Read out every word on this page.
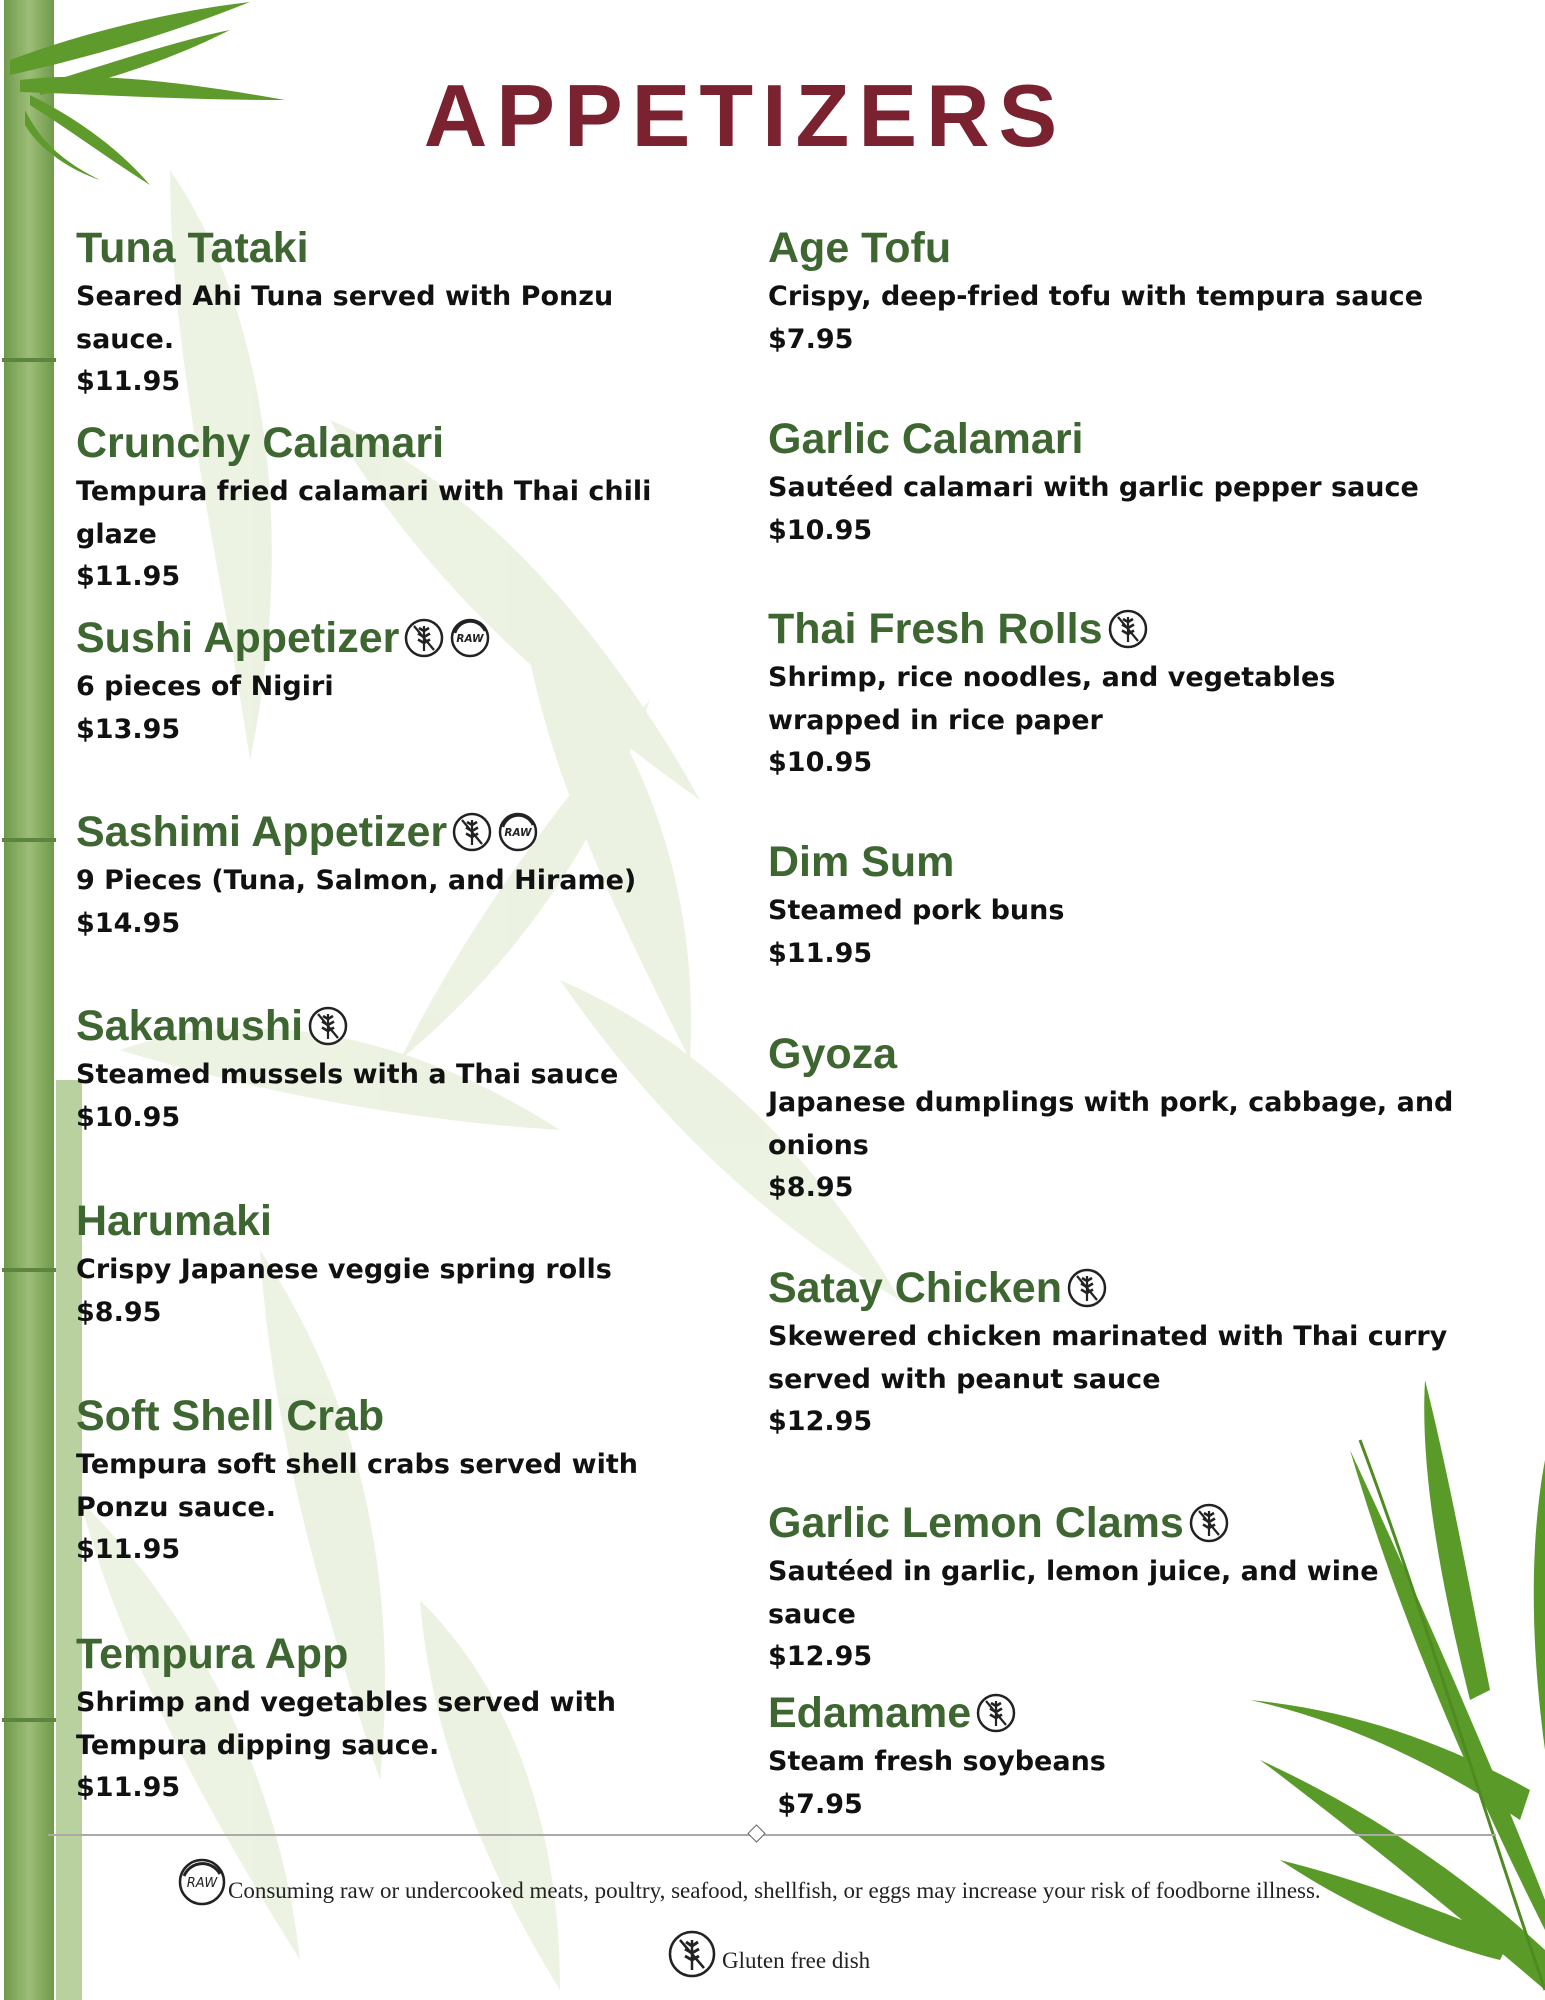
APPETIZERS
Tuna Tataki
Seared Ahi Tuna served with Ponzu sauce.
$11.95
Crunchy Calamari
Tempura fried calamari with Thai chili glaze
$11.95
Sushi Appetizer	RAW
6 pieces of Nigiri
$13.95
Sashimi Appetizer	RAW
9 Pieces (Tuna, Salmon, and Hirame)
$14.95
Sakamushi
Steamed mussels with a Thai sauce
$10.95
Harumaki
Crispy Japanese veggie spring rolls
$8.95
Soft Shell Crab
Tempura soft shell crabs served with Ponzu sauce.
$11.95
Tempura App
Shrimp and vegetables served with Tempura dipping sauce.
$11.95
Age Tofu
Crispy, deep-fried tofu with tempura sauce
$7.95
Garlic Calamari
Sautéed calamari with garlic pepper sauce
$10.95
Thai Fresh Rolls
Shrimp, rice noodles, and vegetables wrapped in rice paper
$10.95
Dim Sum
Steamed pork buns
$11.95
Gyoza
Japanese dumplings with pork, cabbage, and onions
$8.95
Satay Chicken
Skewered chicken marinated with Thai curry served with peanut sauce
$12.95
Garlic Lemon Clams
Sautéed in garlic, lemon juice, and wine sauce
$12.95
Edamame
Steam fresh soybeans
$7.95
RAW Consuming raw or undercooked meats, poultry, seafood, shellfish, or eggs may increase your risk of foodborne illness.
Gluten free dish
